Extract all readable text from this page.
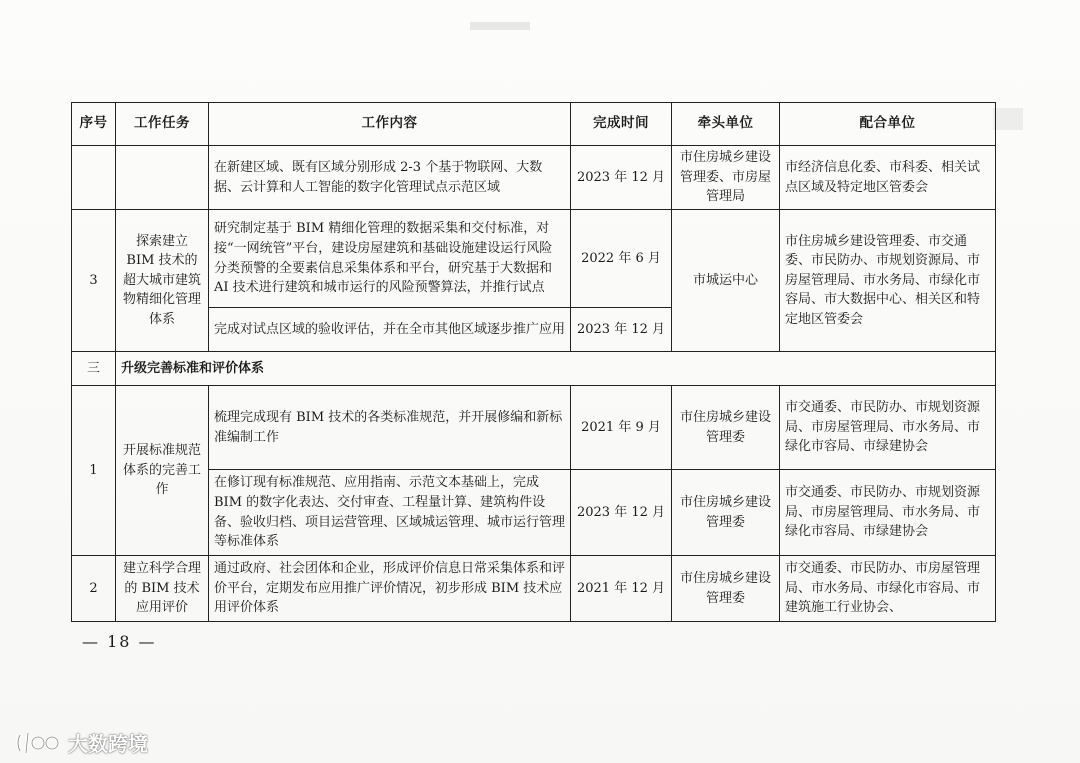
序号	工作任务	工作内容	完成时间	牵头单位	配合单位
		在新建区域、既有区域分别形成 2-3 个基于物联网、大数据、云计算和人工智能的数字化管理试点示范区域	2023 年 12 月	市住房城乡建设管理委、市房屋管理局	市经济信息化委、市科委、相关试点区域及特定地区管委会
3	探索建立 BIM 技术的超大城市建筑物精细化管理体系	研究制定基于 BIM 精细化管理的数据采集和交付标准，对接“一网统管”平台，建设房屋建筑和基础设施建设运行风险分类预警的全要素信息采集体系和平台，研究基于大数据和 AI 技术进行建筑和城市运行的风险预警算法，并推行试点	2022 年 6 月	市城运中心	市住房城乡建设管理委、市交通委、市民防办、市规划资源局、市房屋管理局、市水务局、市绿化市容局、市大数据中心、相关区和特定地区管委会
		完成对试点区域的验收评估，并在全市其他区域逐步推广应用	2023 年 12 月		
三	升级完善标准和评价体系				
1	开展标准规范体系的完善工作	梳理完成现有 BIM 技术的各类标准规范，并开展修编和新标准编制工作	2021 年 9 月	市住房城乡建设管理委	市交通委、市民防办、市规划资源局、市房屋管理局、市水务局、市绿化市容局、市绿建协会
		在修订现有标准规范、应用指南、示范文本基础上，完成 BIM 的数字化表达、交付审查、工程量计算、建筑构件设备、验收归档、项目运营管理、区域城运管理、城市运行管理等标准体系	2023 年 12 月	市住房城乡建设管理委	市交通委、市民防办、市规划资源局、市房屋管理局、市水务局、市绿化市容局、市绿建协会
2	建立科学合理的 BIM 技术应用评价	通过政府、社会团体和企业，形成评价信息日常采集体系和评价平台，定期发布应用推广评价情况，初步形成 BIM 技术应用评价体系	2021 年 12 月	市住房城乡建设管理委	市交通委、市民防办、市房屋管理局、市水务局、市绿化市容局、市建筑施工行业协会、
— 18 —
大数跨境
